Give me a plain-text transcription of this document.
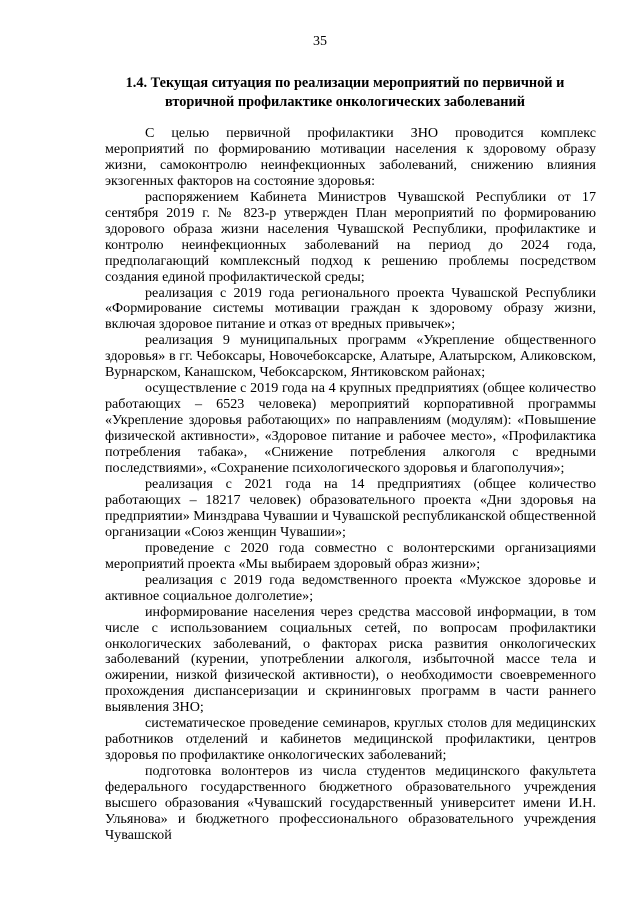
35
1.4. Текущая ситуация по реализации мероприятий по первичной и вторичной профилактике онкологических заболеваний

С целью первичной профилактики ЗНО проводится комплекс мероприятий по формированию мотивации населения к здоровому образу жизни, самоконтролю неинфекционных заболеваний, снижению влияния экзогенных факторов на состояние здоровья:

распоряжением Кабинета Министров Чувашской Республики от 17 сентября 2019 г. № 823-р утвержден План мероприятий по формированию здорового образа жизни населения Чувашской Республики, профилактике и контролю неинфекционных заболеваний на период до 2024 года, предполагающий комплексный подход к решению проблемы посредством создания единой профилактической среды;

реализация с 2019 года регионального проекта Чувашской Республики «Формирование системы мотивации граждан к здоровому образу жизни, включая здоровое питание и отказ от вредных привычек»;

реализация 9 муниципальных программ «Укрепление общественного здоровья» в гг. Чебоксары, Новочебоксарске, Алатыре, Алатырском, Аликовском, Вурнарском, Канашском, Чебоксарском, Янтиковском районах;

осуществление с 2019 года на 4 крупных предприятиях (общее количество работающих – 6523 человека) мероприятий корпоративной программы «Укрепление здоровья работающих» по направлениям (модулям): «Повышение физической активности», «Здоровое питание и рабочее место», «Профилактика потребления табака», «Снижение потребления алкоголя с вредными последствиями», «Сохранение психологического здоровья и благополучия»;

реализация с 2021 года на 14 предприятиях (общее количество работающих – 18217 человек) образовательного проекта «Дни здоровья на предприятии» Минздрава Чувашии и Чувашской республиканской общественной организации «Союз женщин Чувашии»;

проведение с 2020 года совместно с волонтерскими организациями мероприятий проекта «Мы выбираем здоровый образ жизни»;

реализация с 2019 года ведомственного проекта «Мужское здоровье и активное социальное долголетие»;

информирование населения через средства массовой информации, в том числе с использованием социальных сетей, по вопросам профилактики онкологических заболеваний, о факторах риска развития онкологических заболеваний (курении, употреблении алкоголя, избыточной массе тела и ожирении, низкой физической активности), о необходимости своевременного прохождения диспансеризации и скрининговых программ в части раннего выявления ЗНО;

систематическое проведение семинаров, круглых столов для медицинских работников отделений и кабинетов медицинской профилактики, центров здоровья по профилактике онкологических заболеваний;

подготовка волонтеров из числа студентов медицинского факультета федерального государственного бюджетного образовательного учреждения высшего образования «Чувашский государственный университет имени И.Н. Ульянова» и бюджетного профессионального образовательного учреждения Чувашской
